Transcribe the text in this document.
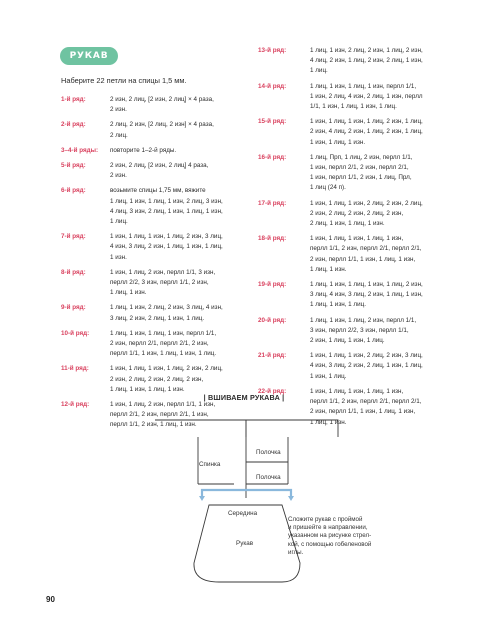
РУКАВ
Наберите 22 петли на спицы 1,5 мм.
1-й ряд:	2 изн, 2 лиц, [2 изн, 2 лиц] × 4 раза,
2 изн.
2-й ряд:	2 лиц, 2 изн, [2 лиц, 2 изн] × 4 раза,
2 лиц.
3–4-й ряды: повторите 1–2-й ряды.
5-й ряд:	2 изн, 2 лиц, [2 изн, 2 лиц] 4 раза,
2 изн.
6-й ряд:	возьмите спицы 1,75 мм, вяжите
1 лиц, 1 изн, 1 лиц, 1 изн, 2 лиц, 3 изн,
4 лиц, 3 изн, 2 лиц, 1 изн, 1 лиц, 1 изн,
1 лиц.
7-й ряд:	1 изн, 1 лиц, 1 изн, 1 лиц, 2 изн, 3 лиц,
4 изн, 3 лиц, 2 изн, 1 лиц, 1 изн, 1 лиц,
1 изн.
8-й ряд:	1 изн, 1 лиц, 2 изн, перлл 1/1, 3 изн,
перлл 2/2, 3 изн, перлл 1/1, 2 изн,
1 лиц, 1 изн.
9-й ряд:	1 лиц, 1 изн, 2 лиц, 2 изн, 3 лиц, 4 изн,
3 лиц, 2 изн, 2 лиц, 1 изн, 1 лиц.
10-й ряд:	1 лиц, 1 изн, 1 лиц, 1 изн, перлл 1/1,
2 изн, перлл 2/1, перлл 2/1, 2 изн,
перлл 1/1, 1 изн, 1 лиц, 1 изн, 1 лиц.
11-й ряд:	1 изн, 1 лиц, 1 изн, 1 лиц, 2 изн, 2 лиц,
2 изн, 2 лиц, 2 изн, 2 лиц, 2 изн,
1 лиц, 1 изн, 1 лиц, 1 изн.
12-й ряд:	1 изн, 1 лиц, 2 изн, перлл 1/1, 1 изн,
перлл 2/1, 2 изн, перлл 2/1, 1 изн,
перлл 1/1, 2 изн, 1 лиц, 1 изн.
13-й ряд:	1 лиц, 1 изн, 2 лиц, 2 изн, 1 лиц, 2 изн,
4 лиц, 2 изн, 1 лиц, 2 изн, 2 лиц, 1 изн,
1 лиц.
14-й ряд:	1 лиц, 1 изн, 1 лиц, 1 изн, перлл 1/1,
1 изн, 2 лиц, 4 изн, 2 лиц, 1 изн, перлл
1/1, 1 изн, 1 лиц, 1 изн, 1 лиц.
15-й ряд:	1 изн, 1 лиц, 1 изн, 1 лиц, 2 изн, 1 лиц,
2 изн, 4 лиц, 2 изн, 1 лиц, 2 изн, 1 лиц,
1 изн, 1 лиц, 1 изн.
16-й ряд:	1 лиц, Прп, 1 лиц, 2 изн, перлл 1/1,
1 изн, перлл 2/1, 2 изн, перлл 2/1,
1 изн, перлл 1/1, 2 изн, 1 лиц, Прл,
1 лиц (24 п).
17-й ряд:	1 изн, 1 лиц, 1 изн, 2 лиц, 2 изн, 2 лиц,
2 изн, 2 лиц, 2 изн, 2 лиц, 2 изн,
2 лиц, 1 изн, 1 лиц, 1 изн.
18-й ряд:	1 изн, 1 лиц, 1 изн, 1 лиц, 1 изн,
перлл 1/1, 2 изн, перлл 2/1, перлл 2/1,
2 изн, перлл 1/1, 1 изн, 1 лиц, 1 изн,
1 лиц, 1 изн.
19-й ряд:	1 лиц, 1 изн, 1 лиц, 1 изн, 1 лиц, 2 изн,
3 лиц, 4 изн, 3 лиц, 2 изн, 1 лиц, 1 изн,
1 лиц, 1 изн, 1 лиц.
20-й ряд:	1 лиц, 1 изн, 1 лиц, 2 изн, перлл 1/1,
3 изн, перлл 2/2, 3 изн, перлл 1/1,
2 изн, 1 лиц, 1 изн, 1 лиц.
21-й ряд:	1 изн, 1 лиц, 1 изн, 2 лиц, 2 изн, 3 лиц,
4 изн, 3 лиц, 2 изн, 2 лиц, 1 изн, 1 лиц,
1 изн, 1 лиц.
22-й ряд:	1 изн, 1 лиц, 1 изн, 1 лиц, 1 изн,
перлл 1/1, 2 изн, перлл 2/1, перлл 2/1,
2 изн, перлл 1/1, 1 изн, 1 лиц, 1 изн,
1 лиц, 1 изн.
| ВШИВАЕМ РУКАВА |
Спинка
Полочка
Полочка
Середина
Рукав
Сложите рукав с проймой
и пришейте в направлении,
указанном на рисунке стрел-
кой, с помощью гобеленовой
иглы.
90
